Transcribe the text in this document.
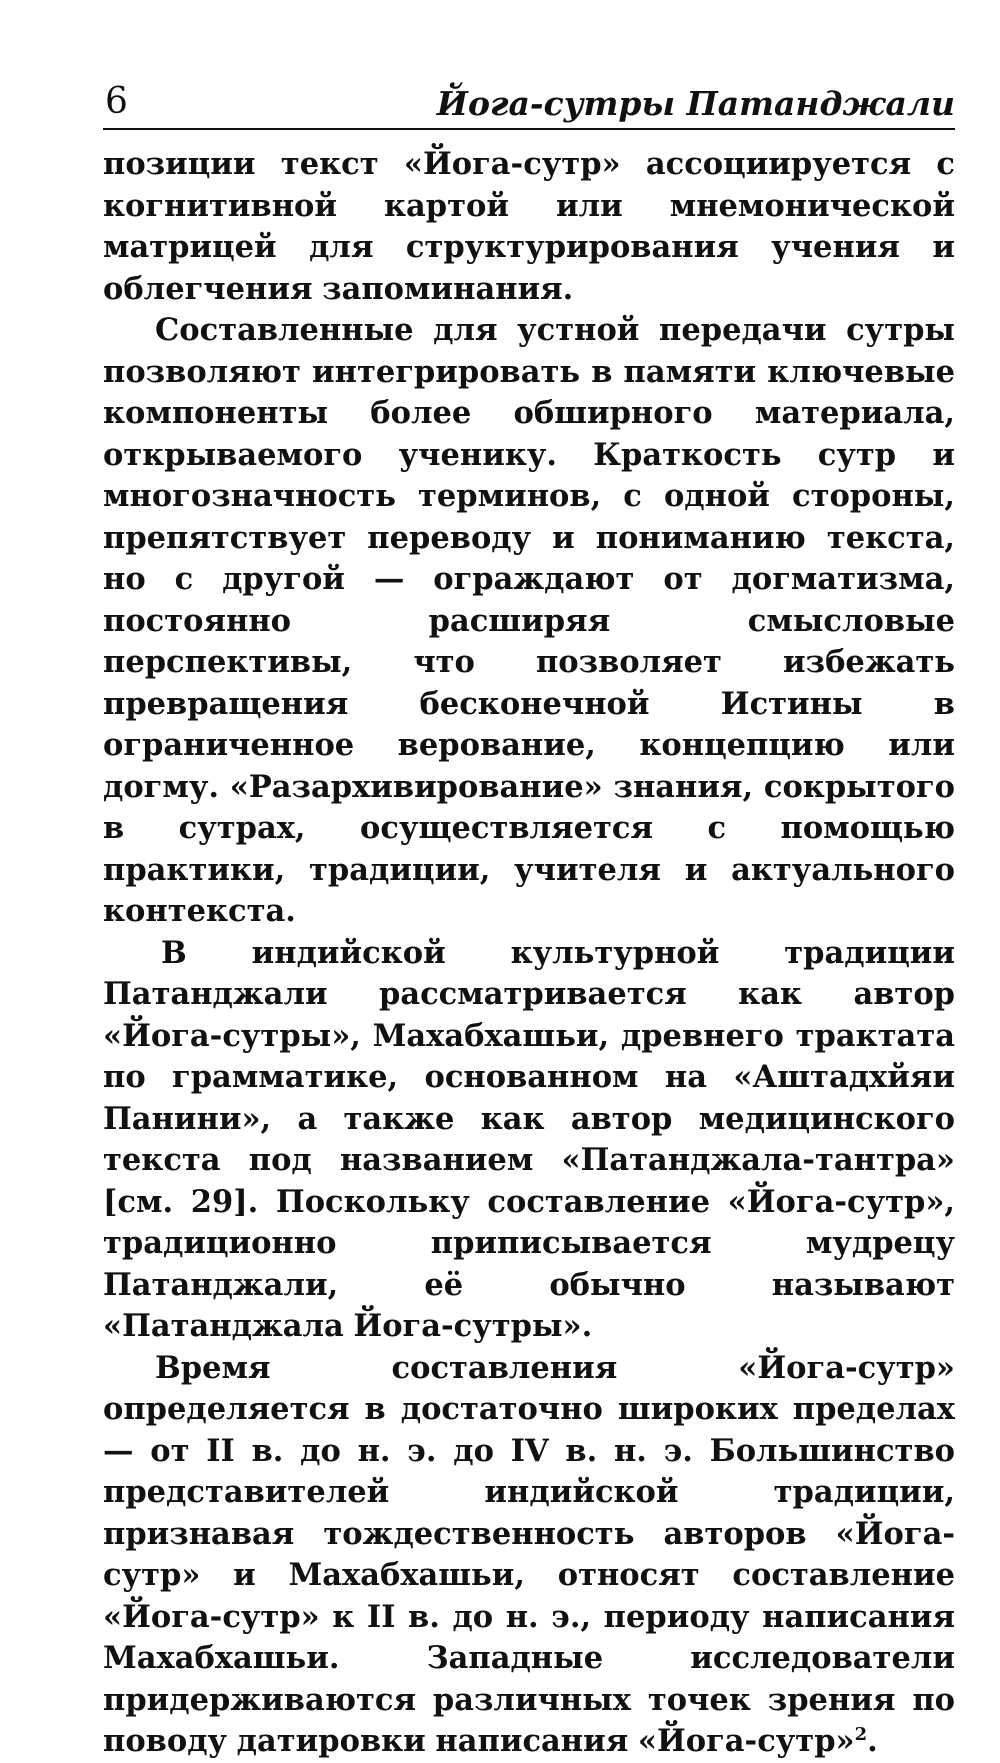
6	Йога-сутры Патанджали

позиции текст «Йога-сутр» ассоциируется с когнитивной картой или мнемонической матрицей для структурирования учения и облегчения запоминания.

Составленные для устной передачи сутры позволяют интегрировать в памяти ключевые компоненты более обширного материала, открываемого ученику. Краткость сутр и многозначность терминов, с одной стороны, препятствует переводу и пониманию текста, но с другой — ограждают от догматизма, постоянно расширяя смысловые перспективы, что позволяет избежать превращения бесконечной Истины в ограниченное верование, концепцию или догму. «Разархивирование» знания, сокрытого в сутрах, осуществляется с помощью практики, традиции, учителя и актуального контекста.

В индийской культурной традиции Патанджали рассматривается как автор «Йога-сутры», Махабхашьи, древнего трактата по грамматике, основанном на «Аштадхйяи Панини», а также как автор медицинского текста под названием «Патанджала-тантра» [см. 29]. Поскольку составление «Йога-сутр», традиционно приписывается мудрецу Патанджали, её обычно называют «Патанджала Йога-сутры».

Время составления «Йога-сутр» определяется в достаточно широких пределах — от II в. до н. э. до IV в. н. э. Большинство представителей индийской традиции, признавая тождественность авторов «Йога-сутр» и Махабхашьи, относят составление «Йога-сутр» к II в. до н. э., периоду написания Махабхашьи. Западные исследователи придерживаются различных точек зрения по поводу датировки написания «Йога-сутр»$^2$.
